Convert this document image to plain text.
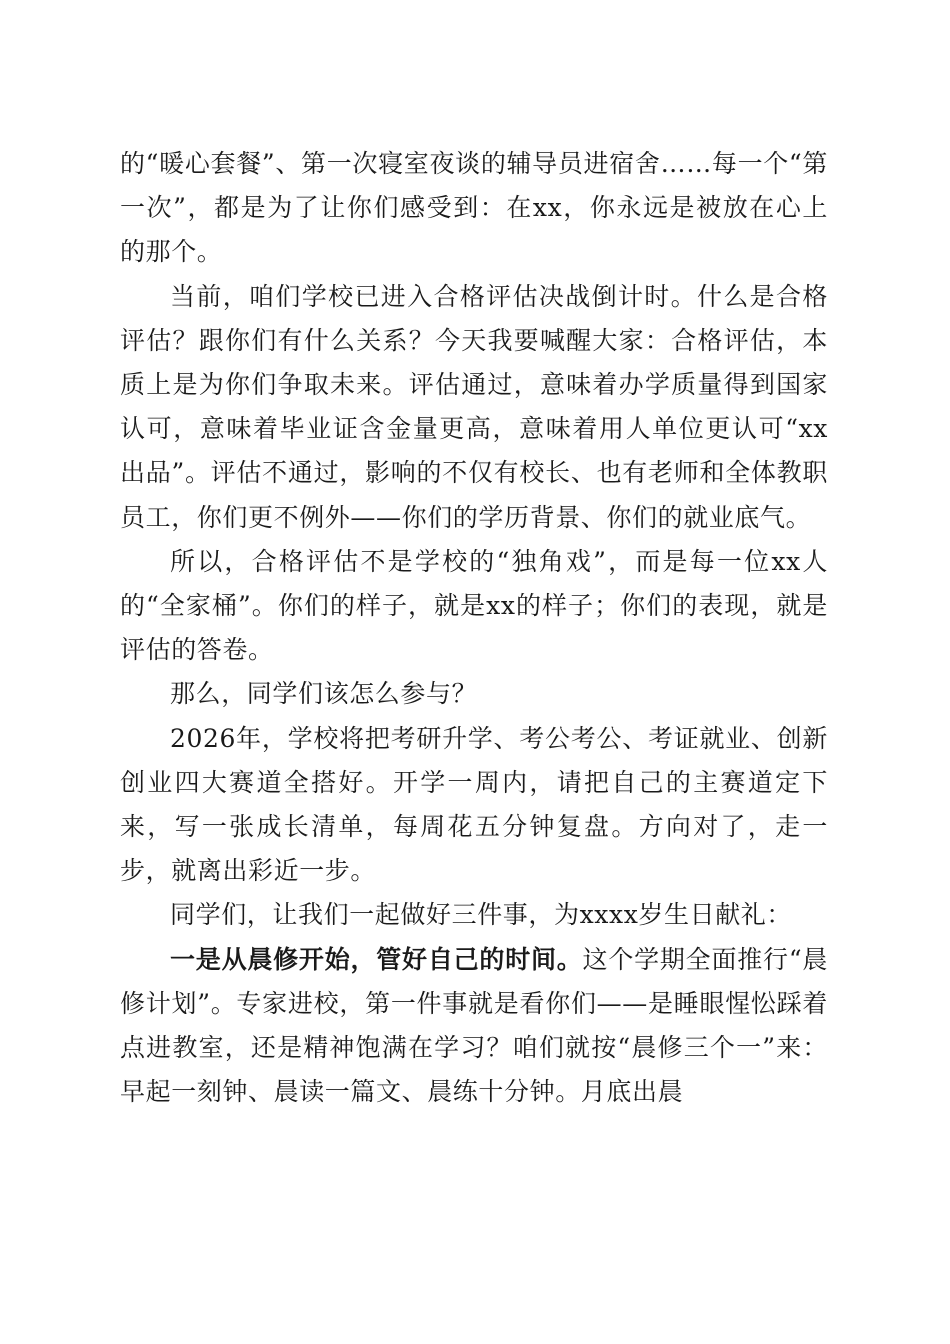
的“暖心套餐”、第一次寝室夜谈的辅导员进宿舍……每一个“第一次”，都是为了让你们感受到：在xx，你永远是被放在心上的那个。

当前，咱们学校已进入合格评估决战倒计时。什么是合格评估？跟你们有什么关系？今天我要喊醒大家：合格评估，本质上是为你们争取未来。评估通过，意味着办学质量得到国家认可，意味着毕业证含金量更高，意味着用人单位更认可“xx出品”。评估不通过，影响的不仅有校长、也有老师和全体教职员工，你们更不例外——你们的学历背景、你们的就业底气。

所以，合格评估不是学校的“独角戏”，而是每一位xx人的“全家桶”。你们的样子，就是xx的样子；你们的表现，就是评估的答卷。

那么，同学们该怎么参与？

2026年，学校将把考研升学、考公考公、考证就业、创新创业四大赛道全搭好。开学一周内，请把自己的主赛道定下来，写一张成长清单，每周花五分钟复盘。方向对了，走一步，就离出彩近一步。

同学们，让我们一起做好三件事，为xxxx岁生日献礼：

一是从晨修开始，管好自己的时间。这个学期全面推行“晨修计划”。专家进校，第一件事就是看你们——是睡眼惺忪踩着点进教室，还是精神饱满在学习？咱们就按“晨修三个一”来：早起一刻钟、晨读一篇文、晨练十分钟。月底出晨
